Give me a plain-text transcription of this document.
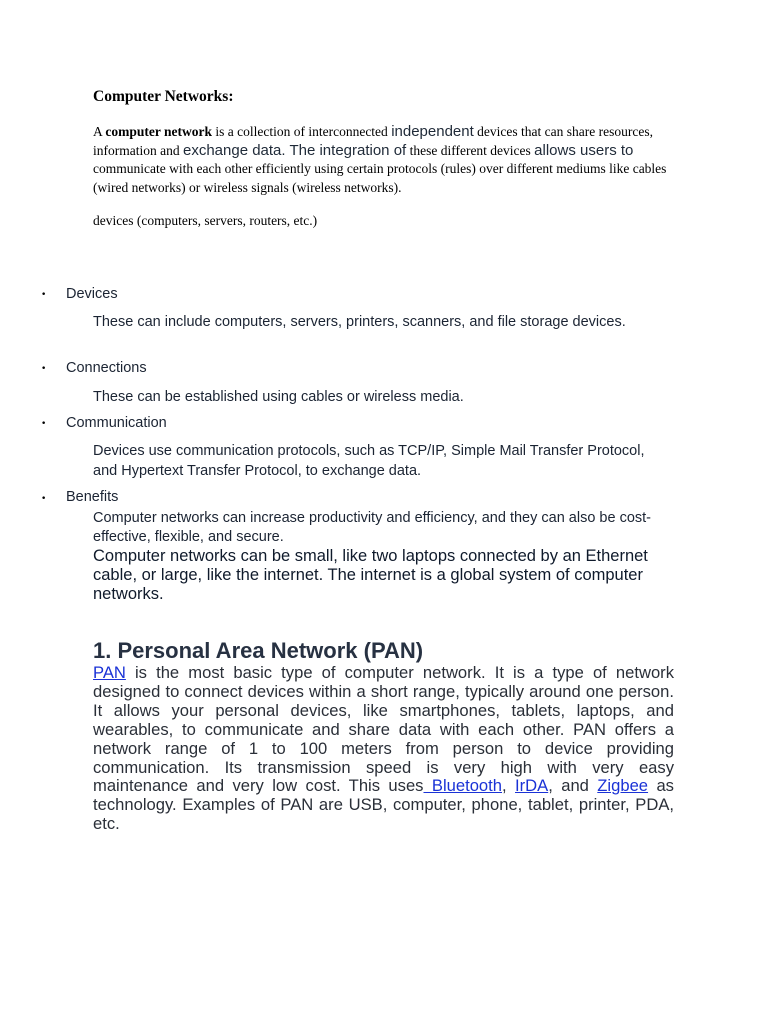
Computer Networks:
A computer network is a collection of interconnected independent devices that can share resources, information and exchange data. The integration of these different devices allows users to communicate with each other efficiently using certain protocols (rules) over different mediums like cables (wired networks) or wireless signals (wireless networks).
devices (computers, servers, routers, etc.)
• Devices
These can include computers, servers, printers, scanners, and file storage devices.
• Connections
These can be established using cables or wireless media.
• Communication
Devices use communication protocols, such as TCP/IP, Simple Mail Transfer Protocol, and Hypertext Transfer Protocol, to exchange data.
• Benefits
Computer networks can increase productivity and efficiency, and they can also be cost-effective, flexible, and secure.
Computer networks can be small, like two laptops connected by an Ethernet cable, or large, like the internet. The internet is a global system of computer networks.
1. Personal Area Network (PAN)
PAN is the most basic type of computer network. It is a type of network designed to connect devices within a short range, typically around one person. It allows your personal devices, like smartphones, tablets, laptops, and wearables, to communicate and share data with each other. PAN offers a network range of 1 to 100 meters from person to device providing communication. Its transmission speed is very high with very easy maintenance and very low cost. This uses Bluetooth, IrDA, and Zigbee as technology. Examples of PAN are USB, computer, phone, tablet, printer, PDA, etc.
